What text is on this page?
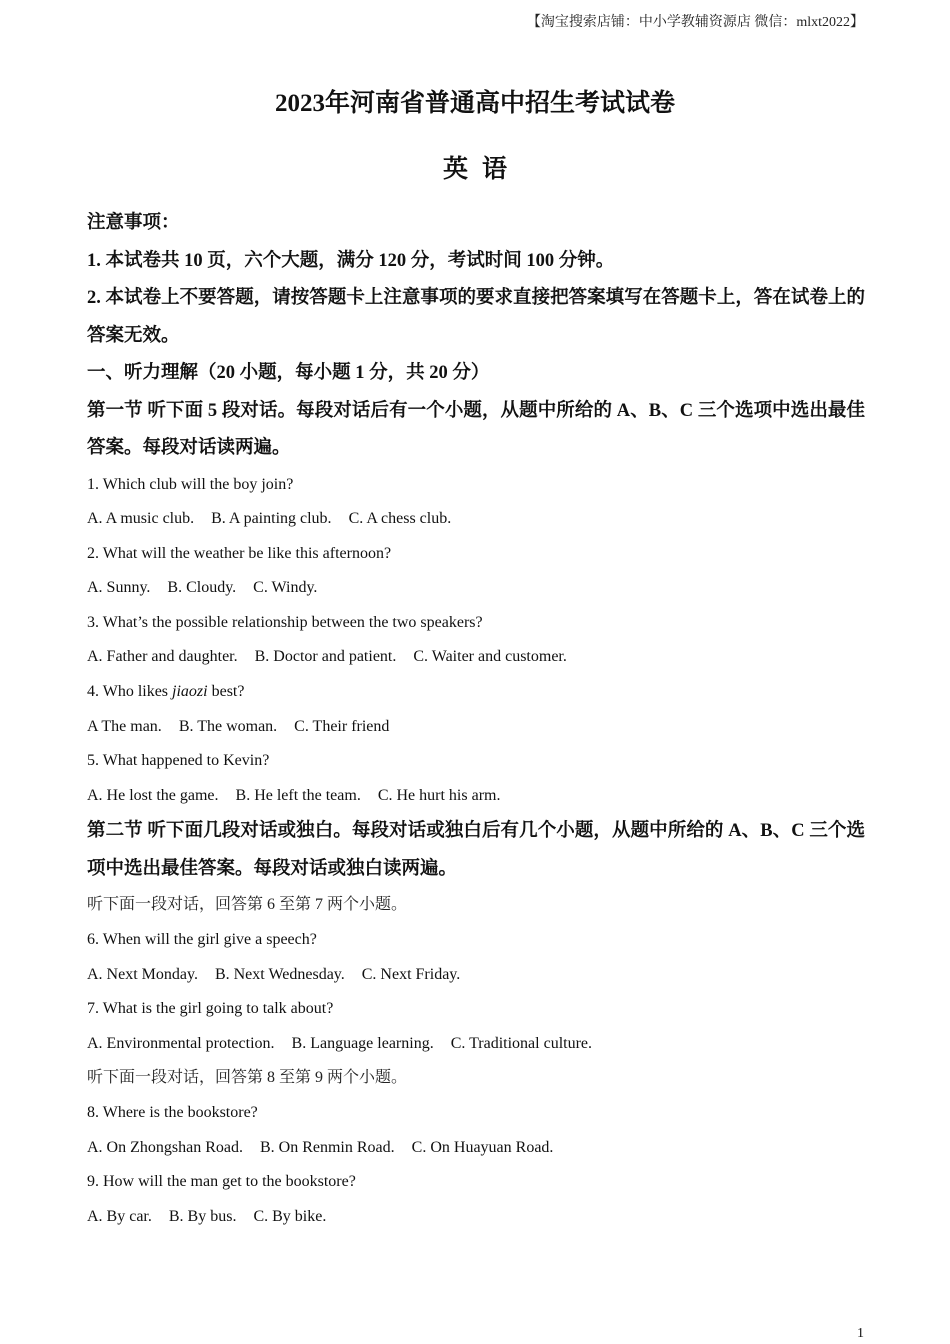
【淘宝搜索店铺：中小学教辅资源店 微信：mlxt2022】
2023年河南省普通高中招生考试试卷
英语
注意事项：
1. 本试卷共 10 页，六个大题，满分 120 分，考试时间 100 分钟。
2. 本试卷上不要答题，请按答题卡上注意事项的要求直接把答案填写在答题卡上，答在试卷上的答案无效。
一、听力理解（20 小题，每小题 1 分，共 20 分）
第一节 听下面 5 段对话。每段对话后有一个小题，从题中所给的 A、B、C 三个选项中选出最佳答案。每段对话读两遍。
1. Which club will the boy join?
A. A music club. B. A painting club. C. A chess club.
2. What will the weather be like this afternoon?
A. Sunny. B. Cloudy. C. Windy.
3. What’s the possible relationship between the two speakers?
A. Father and daughter. B. Doctor and patient. C. Waiter and customer.
4. Who likes jiaozi best?
A The man. B. The woman. C. Their friend
5. What happened to Kevin?
A. He lost the game. B. He left the team. C. He hurt his arm.
第二节 听下面几段对话或独白。每段对话或独白后有几个小题，从题中所给的 A、B、C 三个选项中选出最佳答案。每段对话或独白读两遍。
听下面一段对话，回答第 6 至第 7 两个小题。
6. When will the girl give a speech?
A. Next Monday. B. Next Wednesday. C. Next Friday.
7. What is the girl going to talk about?
A. Environmental protection. B. Language learning. C. Traditional culture.
听下面一段对话，回答第 8 至第 9 两个小题。
8. Where is the bookstore?
A. On Zhongshan Road. B. On Renmin Road. C. On Huayuan Road.
9. How will the man get to the bookstore?
A. By car. B. By bus. C. By bike.
1
